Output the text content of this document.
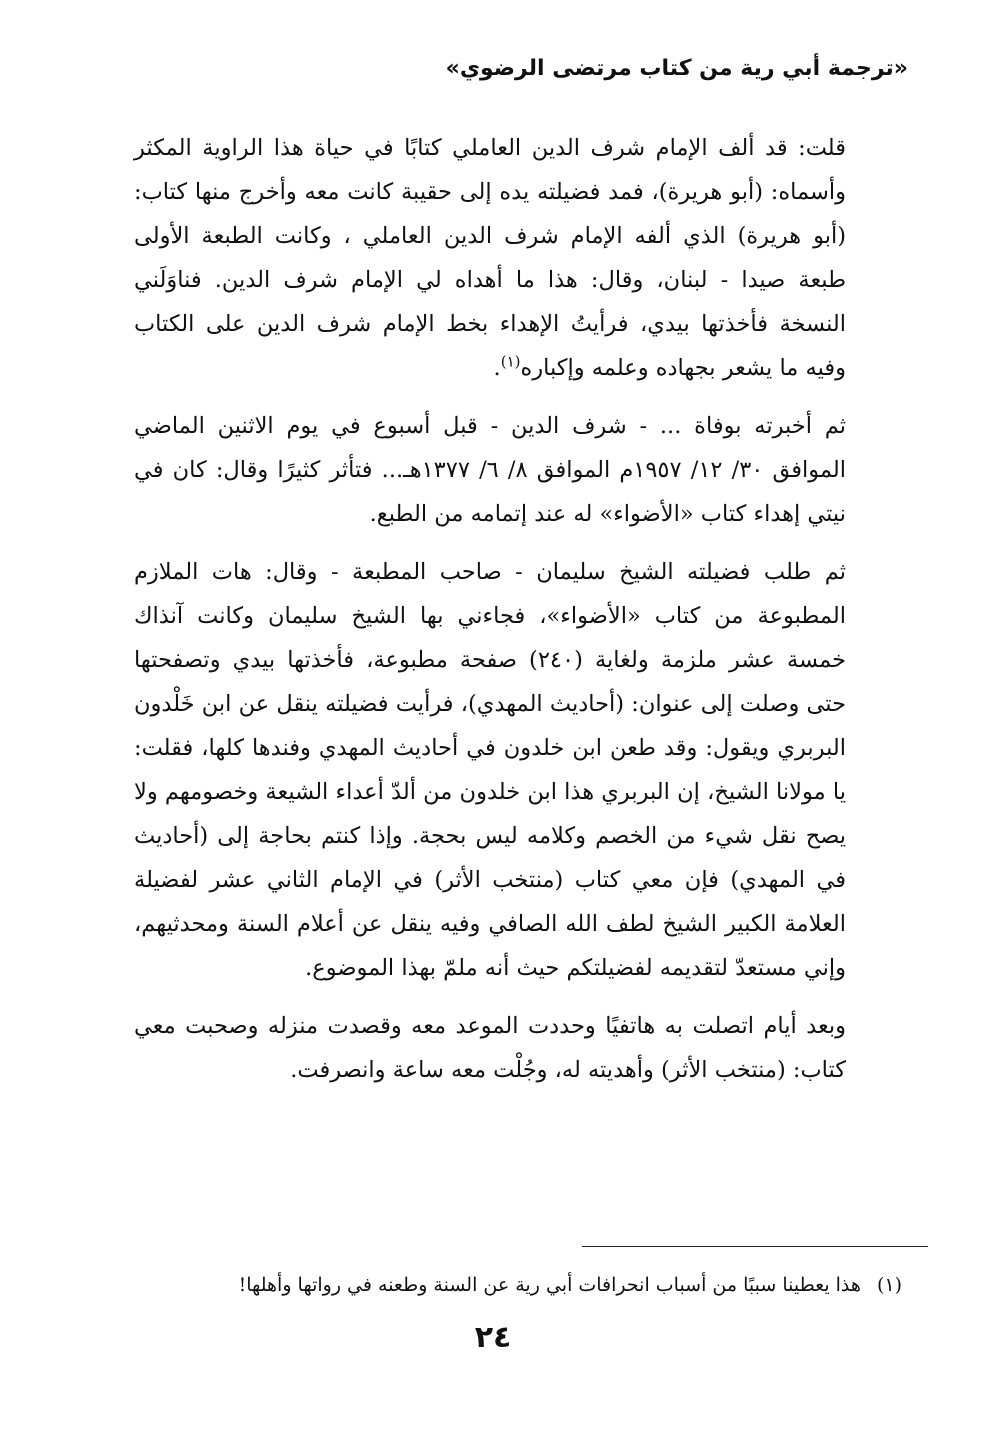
«ترجمة أبي رية من كتاب مرتضى الرضوي»

قلت: قد ألف الإمام شرف الدين العاملي كتابًا في حياة هذا الراوية المكثر وأسماه: (أبو هريرة)، فمد فضيلته يده إلى حقيبة كانت معه وأخرج منها كتاب: (أبو هريرة) الذي ألفه الإمام شرف الدين العاملي ، وكانت الطبعة الأولى طبعة صيدا - لبنان، وقال: هذا ما أهداه لي الإمام شرف الدين. فناوَلَني النسخة فأخذتها بيدي، فرأيتُ الإهداء بخط الإمام شرف الدين على الكتاب وفيه ما يشعر بجهاده وعلمه وإكباره$^{(١)}$.

ثم أخبرته بوفاة ... - شرف الدين - قبل أسبوع في يوم الاثنين الماضي الموافق ٣٠/ ١٢/ ١٩٥٧م الموافق ٨/ ٦/ ١٣٧٧هـ... فتأثر كثيرًا وقال: كان في نيتي إهداء كتاب «الأضواء» له عند إتمامه من الطبع.

ثم طلب فضيلته الشيخ سليمان - صاحب المطبعة - وقال: هات الملازم المطبوعة من كتاب «الأضواء»، فجاءني بها الشيخ سليمان وكانت آنذاك خمسة عشر ملزمة ولغاية (٢٤٠) صفحة مطبوعة، فأخذتها بيدي وتصفحتها حتى وصلت إلى عنوان: (أحاديث المهدي)، فرأيت فضيلته ينقل عن ابن خَلْدون البربري ويقول: وقد طعن ابن خلدون في أحاديث المهدي وفندها كلها، فقلت: يا مولانا الشيخ، إن البربري هذا ابن خلدون من ألدّ أعداء الشيعة وخصومهم ولا يصح نقل شيء من الخصم وكلامه ليس بحجة. وإذا كنتم بحاجة إلى (أحاديث في المهدي) فإن معي كتاب (منتخب الأثر) في الإمام الثاني عشر لفضيلة العلامة الكبير الشيخ لطف الله الصافي وفيه ينقل عن أعلام السنة ومحدثيهم، وإني مستعدّ لتقديمه لفضيلتكم حيث أنه ملمّ بهذا الموضوع.

وبعد أيام اتصلت به هاتفيًا وحددت الموعد معه وقصدت منزله وصحبت معي كتاب: (منتخب الأثر) وأهديته له، وجُلْت معه ساعة وانصرفت.

(١)هذا يعطينا سببًا من أسباب انحرافات أبي رية عن السنة وطعنه في رواتها وأهلها!
٢٤
